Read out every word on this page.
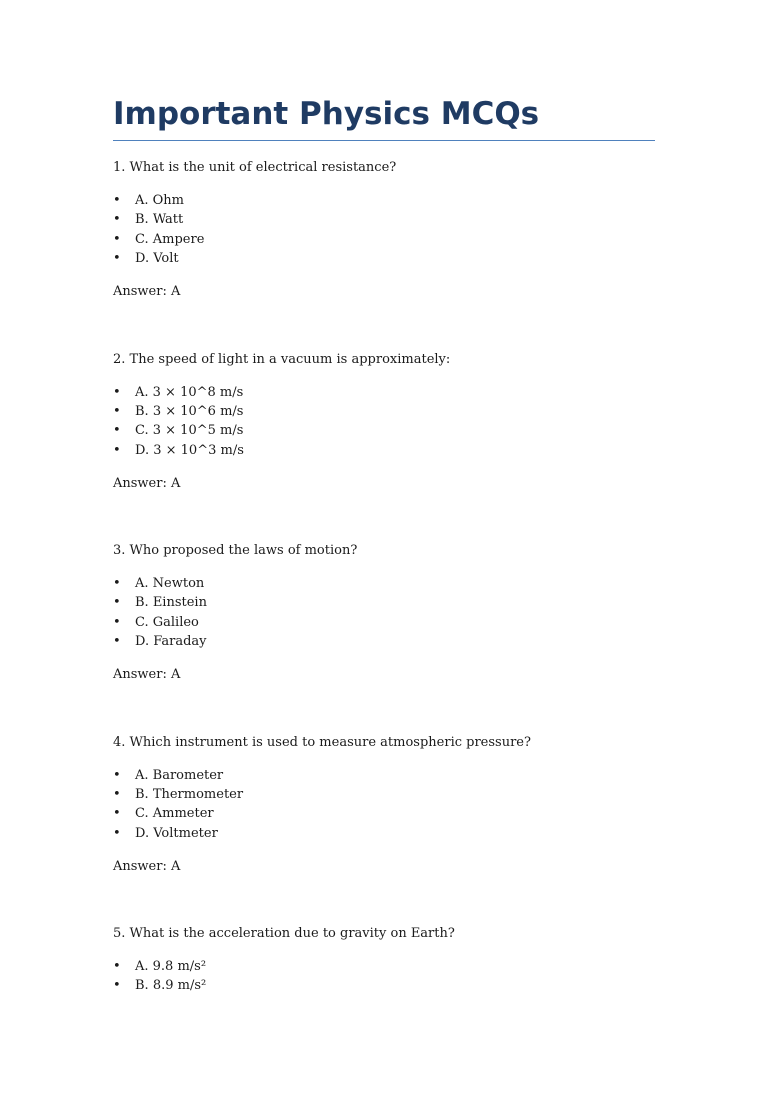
Important Physics MCQs

1. What is the unit of electrical resistance?

• A. Ohm
• B. Watt
• C. Ampere
• D. Volt

Answer: A

2. The speed of light in a vacuum is approximately:

• A. 3 × 10^8 m/s
• B. 3 × 10^6 m/s
• C. 3 × 10^5 m/s
• D. 3 × 10^3 m/s

Answer: A

3. Who proposed the laws of motion?

• A. Newton
• B. Einstein
• C. Galileo
• D. Faraday

Answer: A

4. Which instrument is used to measure atmospheric pressure?

• A. Barometer
• B. Thermometer
• C. Ammeter
• D. Voltmeter

Answer: A

5. What is the acceleration due to gravity on Earth?

• A. 9.8 m/s²
• B. 8.9 m/s²
